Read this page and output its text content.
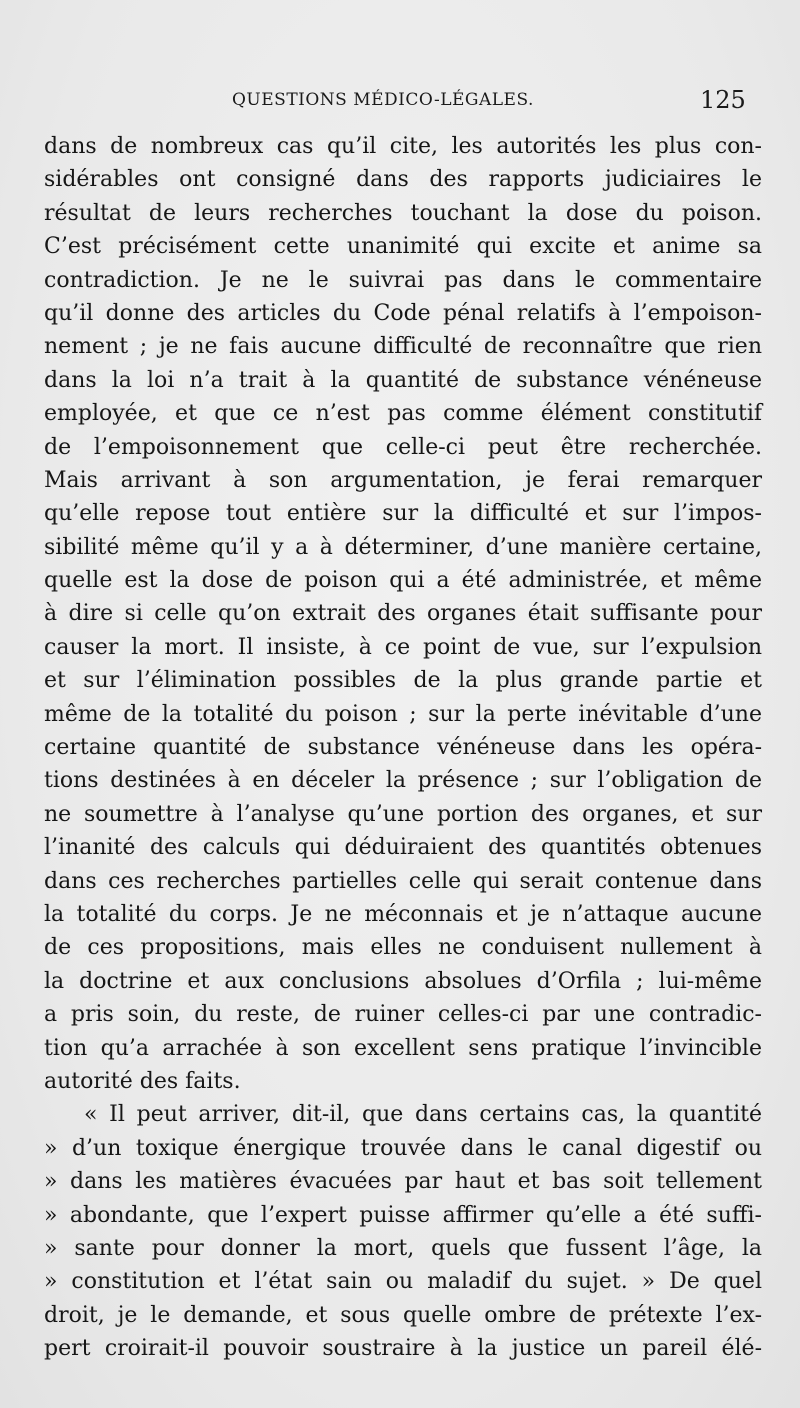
QUESTIONS MÉDICO-LÉGALES.	125
dans de nombreux cas qu’il cite, les autorités les plus con-
sidérables ont consigné dans des rapports judiciaires le
résultat de leurs recherches touchant la dose du poison.
C’est précisément cette unanimité qui excite et anime sa
contradiction. Je ne le suivrai pas dans le commentaire
qu’il donne des articles du Code pénal relatifs à l’empoison-
nement ; je ne fais aucune difficulté de reconnaître que rien
dans la loi n’a trait à la quantité de substance vénéneuse
employée, et que ce n’est pas comme élément constitutif
de l’empoisonnement que celle-ci peut être recherchée.
Mais arrivant à son argumentation, je ferai remarquer
qu’elle repose tout entière sur la difficulté et sur l’impos-
sibilité même qu’il y a à déterminer, d’une manière certaine,
quelle est la dose de poison qui a été administrée, et même
à dire si celle qu’on extrait des organes était suffisante pour
causer la mort. Il insiste, à ce point de vue, sur l’expulsion
et sur l’élimination possibles de la plus grande partie et
même de la totalité du poison ; sur la perte inévitable d’une
certaine quantité de substance vénéneuse dans les opéra-
tions destinées à en déceler la présence ; sur l’obligation de
ne soumettre à l’analyse qu’une portion des organes, et sur
l’inanité des calculs qui déduiraient des quantités obtenues
dans ces recherches partielles celle qui serait contenue dans
la totalité du corps. Je ne méconnais et je n’attaque aucune
de ces propositions, mais elles ne conduisent nullement à
la doctrine et aux conclusions absolues d’Orfila ; lui-même
a pris soin, du reste, de ruiner celles-ci par une contradic-
tion qu’a arrachée à son excellent sens pratique l’invincible
autorité des faits.
« Il peut arriver, dit-il, que dans certains cas, la quantité
» d’un toxique énergique trouvée dans le canal digestif ou
» dans les matières évacuées par haut et bas soit tellement
» abondante, que l’expert puisse affirmer qu’elle a été suffi-
» sante pour donner la mort, quels que fussent l’âge, la
» constitution et l’état sain ou maladif du sujet. » De quel
droit, je le demande, et sous quelle ombre de prétexte l’ex-
pert croirait-il pouvoir soustraire à la justice un pareil élé-
